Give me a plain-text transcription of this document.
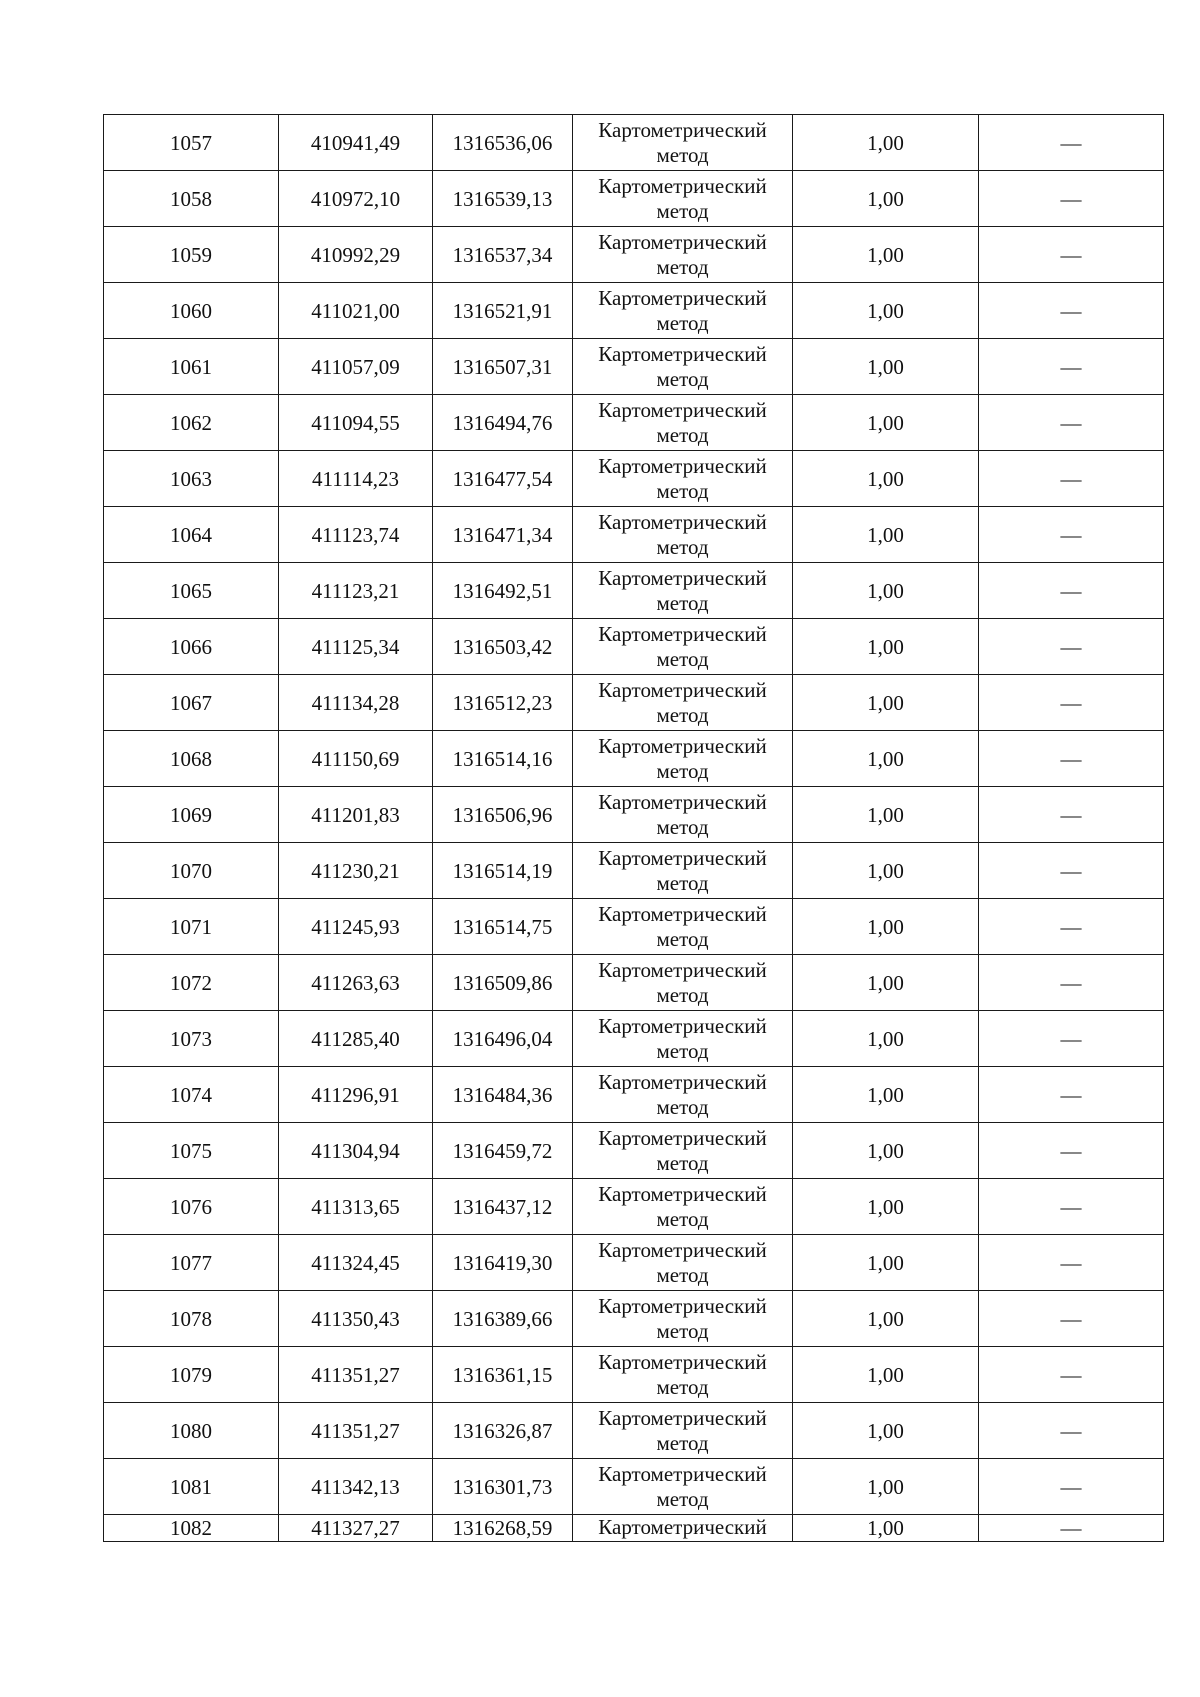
1057	410941,49	1316536,06	Картометрический метод	1,00	—
1058	410972,10	1316539,13	Картометрический метод	1,00	—
1059	410992,29	1316537,34	Картометрический метод	1,00	—
1060	411021,00	1316521,91	Картометрический метод	1,00	—
1061	411057,09	1316507,31	Картометрический метод	1,00	—
1062	411094,55	1316494,76	Картометрический метод	1,00	—
1063	411114,23	1316477,54	Картометрический метод	1,00	—
1064	411123,74	1316471,34	Картометрический метод	1,00	—
1065	411123,21	1316492,51	Картометрический метод	1,00	—
1066	411125,34	1316503,42	Картометрический метод	1,00	—
1067	411134,28	1316512,23	Картометрический метод	1,00	—
1068	411150,69	1316514,16	Картометрический метод	1,00	—
1069	411201,83	1316506,96	Картометрический метод	1,00	—
1070	411230,21	1316514,19	Картометрический метод	1,00	—
1071	411245,93	1316514,75	Картометрический метод	1,00	—
1072	411263,63	1316509,86	Картометрический метод	1,00	—
1073	411285,40	1316496,04	Картометрический метод	1,00	—
1074	411296,91	1316484,36	Картометрический метод	1,00	—
1075	411304,94	1316459,72	Картометрический метод	1,00	—
1076	411313,65	1316437,12	Картометрический метод	1,00	—
1077	411324,45	1316419,30	Картометрический метод	1,00	—
1078	411350,43	1316389,66	Картометрический метод	1,00	—
1079	411351,27	1316361,15	Картометрический метод	1,00	—
1080	411351,27	1316326,87	Картометрический метод	1,00	—
1081	411342,13	1316301,73	Картометрический метод	1,00	—
1082	411327,27	1316268,59	Картометрический	1,00	—
